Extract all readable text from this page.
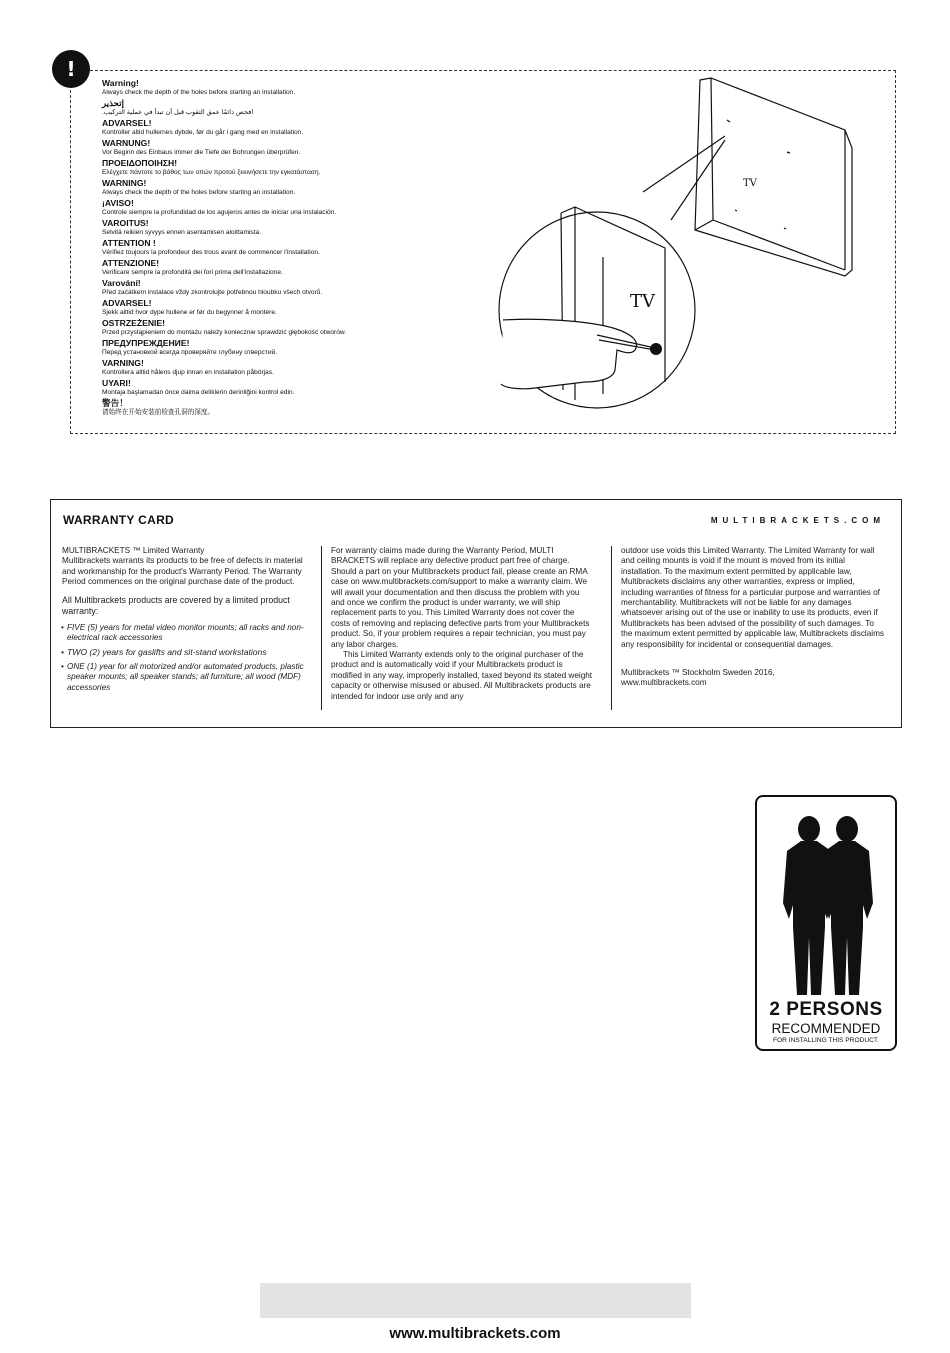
!
Warning!
Always check the depth of the holes before starting an installation.
إتحذير
افحص دائمًا عمق الثقوب قبل أن تبدأ في عملية التركيب.
ADVARSEL!
Kontroller altid hullernes dybde, før du går i gang med en installation.
WARNUNG!
Vor Beginn des Einbaus immer die Tiefe der Bohrungen überprüfen.
ΠΡΟΕΙΔΟΠΟΙΗΣΗ!
Ελέγχετε πάντοτε το βάθος των οπών πρoτού ξεκινήσετε την εγκατάσταση.
WARNING!
Always check the depth of the holes before starting an installation.
¡AVISO!
Controle siempre la profundidad de los agujeros antes de iniciar una instalación.
VAROITUS!
Selvitä reikien syvyys ennen asentamisen aloittamista.
ATTENTION !
Vérifiez toujours la profondeur des trous avant de commencer l'installation.
ATTENZIONE!
Verificare sempre la profondità dei fori prima dell'installazione.
Varování!
Před začátkem instalace vždy zkontrolujte potřebnou hloubku všech otvorů.
ADVARSEL!
Sjekk alltid hvor dype hullene er før du begynner å montere.
OSTRZEŻENIE!
Przed przystąpieniem do montażu należy koniecznie sprawdzić głębokość otworów.
ПРЕДУПРЕЖДЕНИЕ!
Перед установкой всегда проверяйте глубину отверстий.
VARNING!
Kontrollera alltid hålens djup innan en installation påbörjas.
UYARI!
Montaja başlamadan önce daima deliklerin derinliğini kontrol edin.
警告！
请始终在开始安装前检查孔洞的深度。
TV
TV
WARRANTY CARD	MULTIBRACKETS.COM

MULTIBRACKETS ™ Limited Warranty

Multibrackets warrants its products to be free of defects in material and workmanship for the product's Warranty Period. The Warranty Period commences on the original purchase date of the product.

All Multibrackets products are covered by a limited product warranty:

• FIVE (5) years for metal video monitor mounts; all racks and non-electrical rack accessories

• TWO (2) years for gaslifts and sit-stand workstations

• ONE (1) year for all motorized and/or automated products, plastic speaker mounts; all speaker stands; all furniture; all wood (MDF) accessories

For warranty claims made during the Warranty Period, MULTI BRACKETS will replace any defective product part free of charge. Should a part on your Multibrackets product fail, please create an RMA case on www.multibrackets.com/support to make a warranty claim. We will await your documentation and then discuss the problem with you and once we confirm the product is under warranty, we will ship replacement parts to you. This Limited Warranty does not cover the costs of removing and replacing defective parts from your Multibrackets product. So, if your problem requires a repair technician, you must pay any labor charges.

This Limited Warranty extends only to the original purchaser of the product and is automatically void if your Multibrackets product is modified in any way, improperly installed, taxed beyond its stated weight capacity or otherwise misused or abused. All Multibrackets products are intended for indoor use only and any

outdoor use voids this Limited Warranty. The Limited Warranty for wall and ceiling mounts is void if the mount is moved from its initial installation. To the maximum extent permitted by applicable law, Multibrackets disclaims any other warranties, express or implied, including warranties of fitness for a particular purpose and warranties of merchantability. Multibrackets will not be liable for any damages whatsoever arising out of the use or inability to use its products, even if Multibrackets has been advised of the possibility of such damages. To the maximum extent permitted by applicable law, Multibrackets disclaims any responsibility for incidental or consequential damages.

Multibrackets ™ Stockholm Sweden 2016,

www.multibrackets.com

2 PERSONS
RECOMMENDED
FOR INSTALLING THIS PRODUCT.
www.multibrackets.com
